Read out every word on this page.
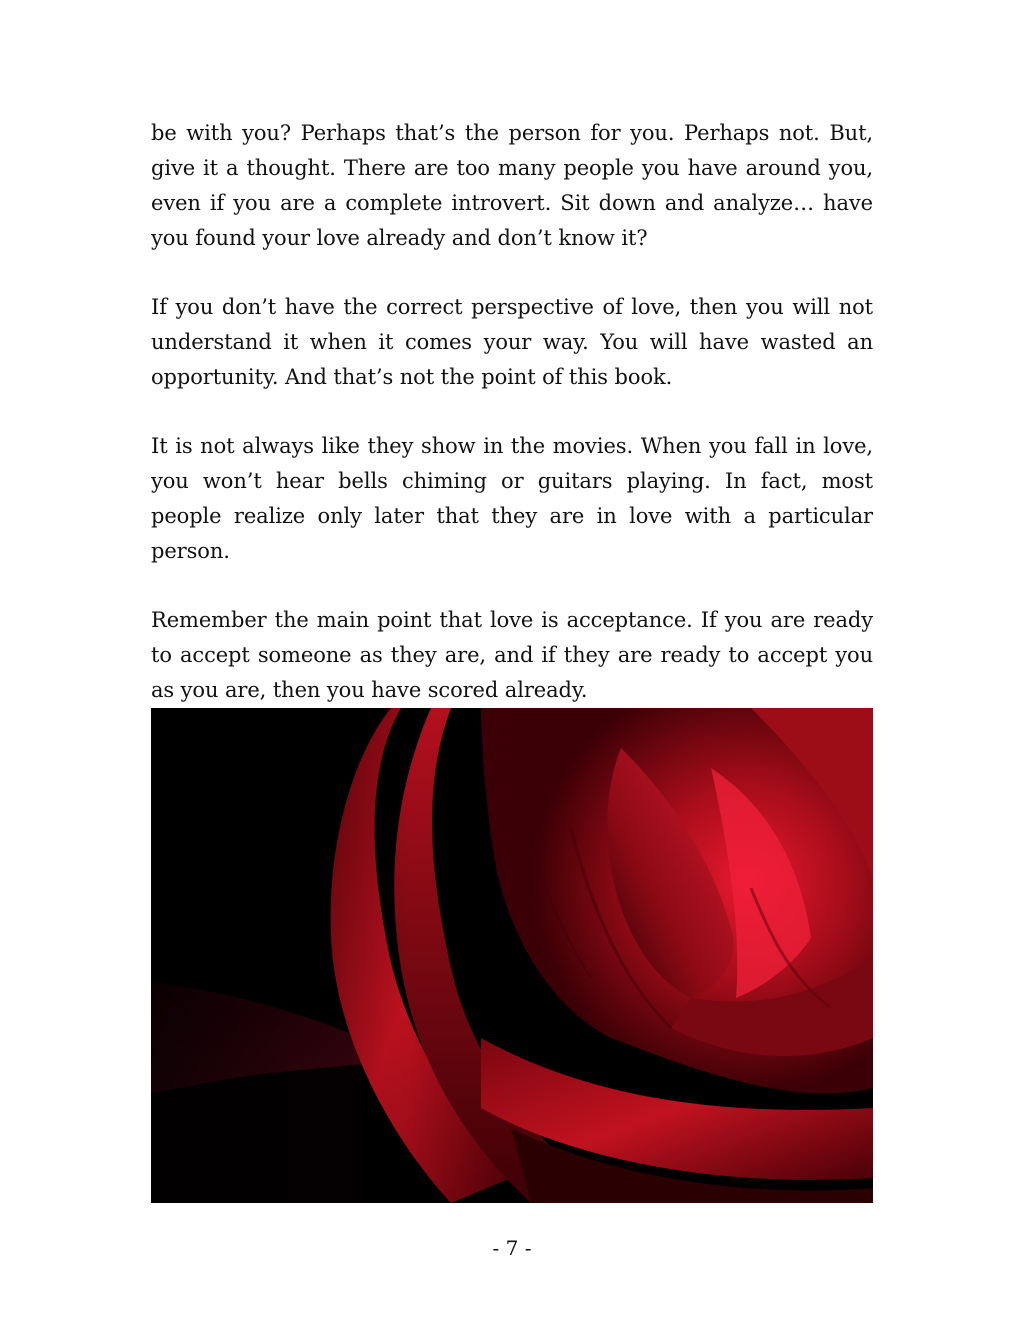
be with you? Perhaps that’s the person for you. Perhaps not. But, give it a thought. There are too many people you have around you, even if you are a complete introvert. Sit down and analyze… have you found your love already and don’t know it?

If you don’t have the correct perspective of love, then you will not understand it when it comes your way. You will have wasted an opportunity. And that’s not the point of this book.

It is not always like they show in the movies. When you fall in love, you won’t hear bells chiming or guitars playing. In fact, most people realize only later that they are in love with a particular person.

Remember the main point that love is acceptance. If you are ready to accept someone as they are, and if they are ready to accept you as you are, then you have scored already.

- 7 -
